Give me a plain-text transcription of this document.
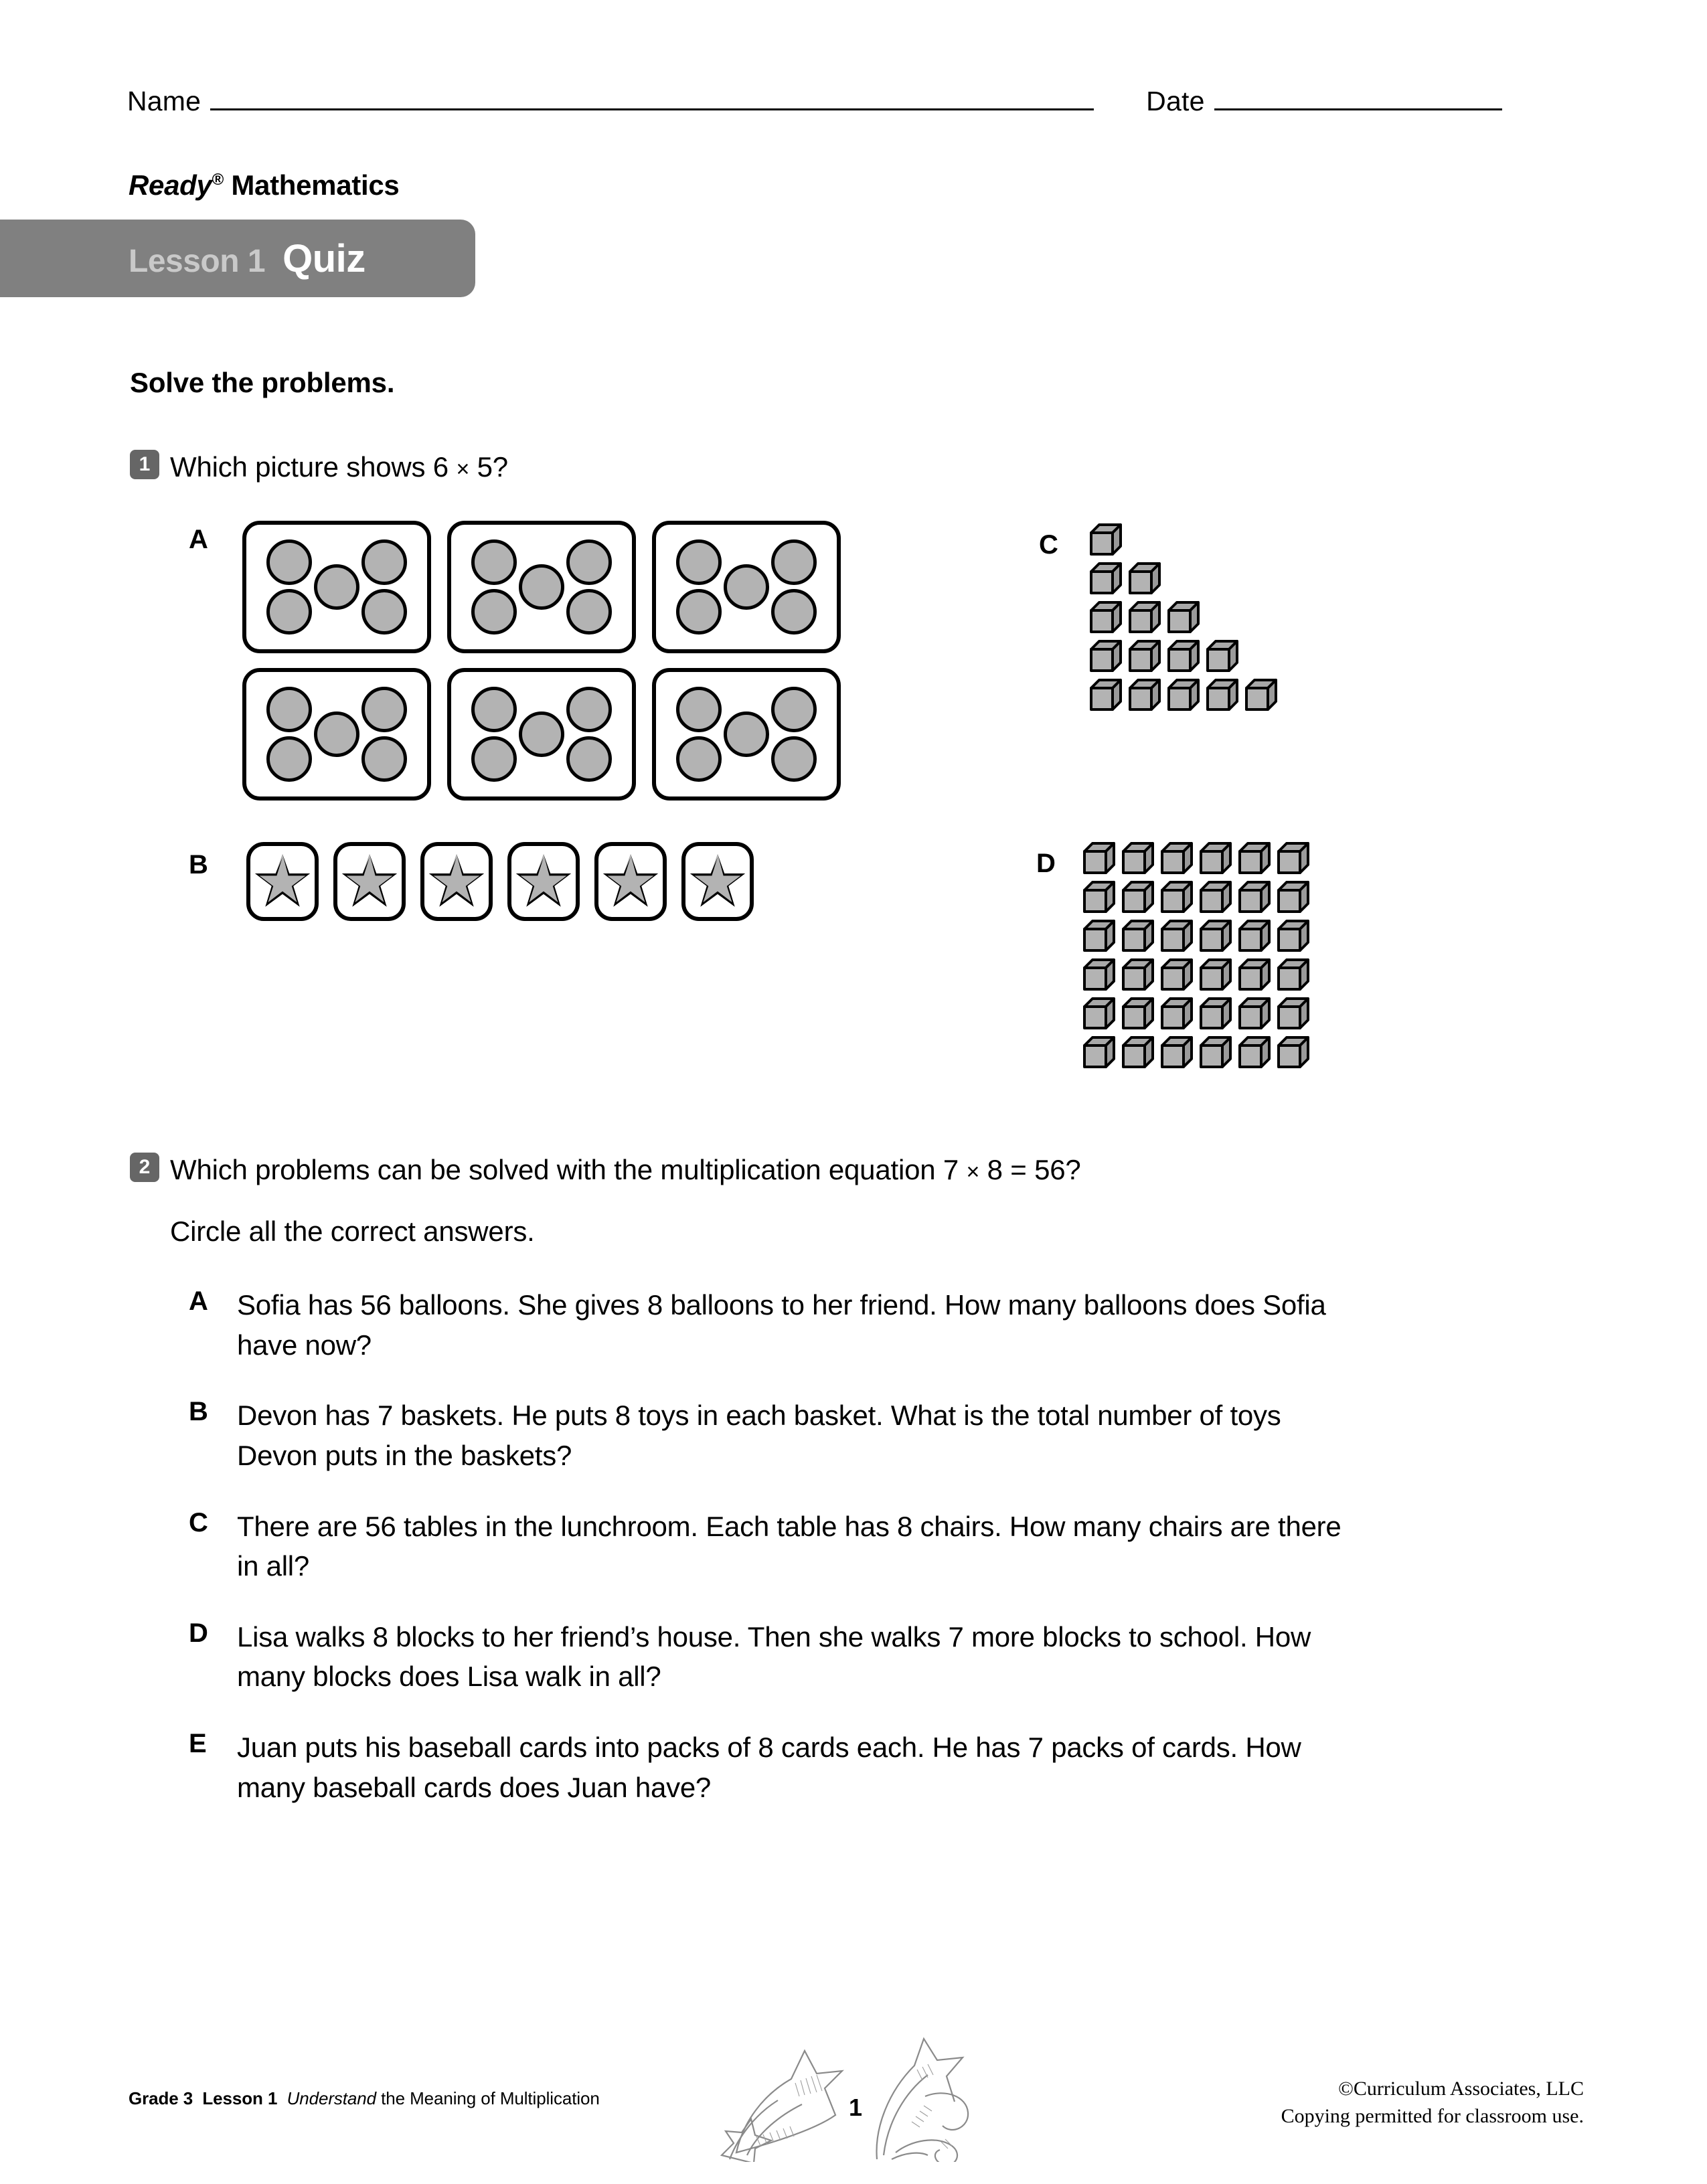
Name	Date
Ready® Mathematics
Lesson 1 Quiz
Solve the problems.
1 Which picture shows 6 × 5?
A
B
C
D
2 Which problems can be solved with the multiplication equation 7 × 8 = 56?
Circle all the correct answers.
A	Sofia has 56 balloons. She gives 8 balloons to her friend. How many balloons does Sofia have now?
B	Devon has 7 baskets. He puts 8 toys in each basket. What is the total number of toys Devon puts in the baskets?
C	There are 56 tables in the lunchroom. Each table has 8 chairs. How many chairs are there in all?
D	Lisa walks 8 blocks to her friend’s house. Then she walks 7 more blocks to school. How many blocks does Lisa walk in all?
E	Juan puts his baseball cards into packs of 8 cards each. He has 7 packs of cards. How many baseball cards does Juan have?
Grade 3 Lesson 1 Understand the Meaning of Multiplication	1
©Curriculum Associates, LLC
Copying permitted for classroom use.
